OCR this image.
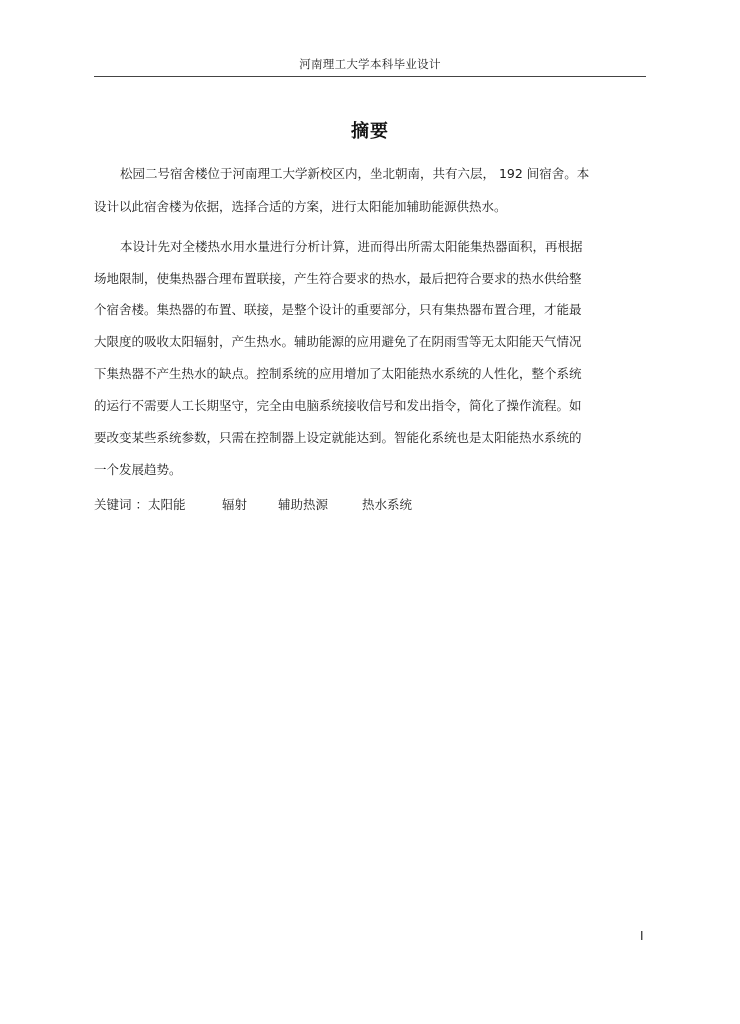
河南理工大学本科毕业设计
摘要
松园二号宿舍楼位于河南理工大学新校区内，坐北朝南，共有六层， 192 间宿舍。本
设计以此宿舍楼为依据，选择合适的方案，进行太阳能加辅助能源供热水。
本设计先对全楼热水用水量进行分析计算，进而得出所需太阳能集热器面积，再根据
场地限制，使集热器合理布置联接，产生符合要求的热水，最后把符合要求的热水供给整
个宿舍楼。集热器的布置、联接，是整个设计的重要部分，只有集热器布置合理，才能最
大限度的吸收太阳辐射，产生热水。辅助能源的应用避免了在阴雨雪等无太阳能天气情况
下集热器不产生热水的缺点。控制系统的应用增加了太阳能热水系统的人性化，整个系统
的运行不需要人工长期坚守，完全由电脑系统接收信号和发出指令，简化了操作流程。如
要改变某些系统参数，只需在控制器上设定就能达到。智能化系统也是太阳能热水系统的
一个发展趋势。
关键词 ： 太阳能	辐射 辅助热源	热水系统
I
